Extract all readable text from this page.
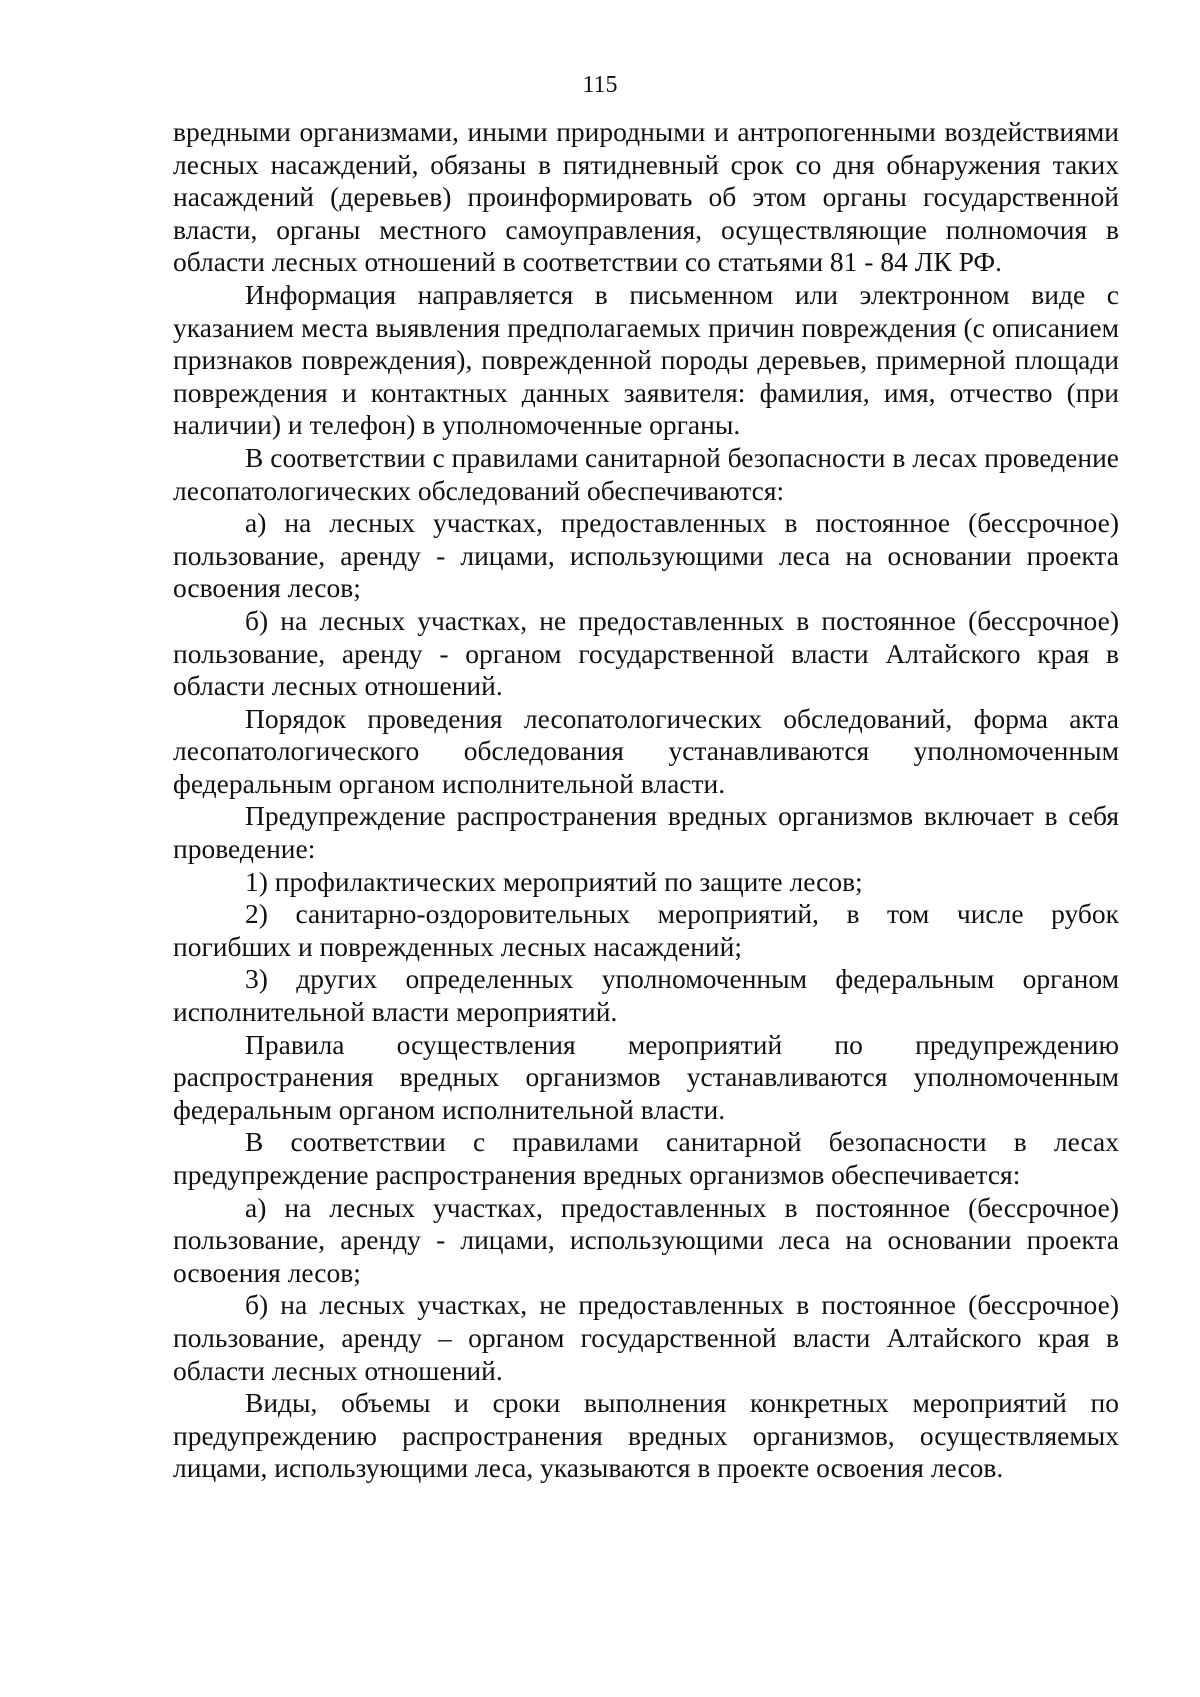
115

вредными организмами, иными природными и антропогенными воздействиями лесных насаждений, обязаны в пятидневный срок со дня обнаружения таких насаждений (деревьев) проинформировать об этом органы государственной власти, органы местного самоуправления, осуществляющие полномочия в области лесных отношений в соответствии со статьями 81 - 84 ЛК РФ.

Информация направляется в письменном или электронном виде с указанием места выявления предполагаемых причин повреждения (с описанием признаков повреждения), поврежденной породы деревьев, примерной площади повреждения и контактных данных заявителя: фамилия, имя, отчество (при наличии) и телефон) в уполномоченные органы.

В соответствии с правилами санитарной безопасности в лесах проведение лесопатологических обследований обеспечиваются:

а) на лесных участках, предоставленных в постоянное (бессрочное) пользование, аренду - лицами, использующими леса на основании проекта освоения лесов;

б) на лесных участках, не предоставленных в постоянное (бессрочное) пользование, аренду - органом государственной власти Алтайского края в области лесных отношений.

Порядок проведения лесопатологических обследований, форма акта лесопатологического обследования устанавливаются уполномоченным федеральным органом исполнительной власти.

Предупреждение распространения вредных организмов включает в себя проведение:

1) профилактических мероприятий по защите лесов;

2) санитарно-оздоровительных мероприятий, в том числе рубок погибших и поврежденных лесных насаждений;

3) других определенных уполномоченным федеральным органом исполнительной власти мероприятий.

Правила осуществления мероприятий по предупреждению распространения вредных организмов устанавливаются уполномоченным федеральным органом исполнительной власти.

В соответствии с правилами санитарной безопасности в лесах предупреждение распространения вредных организмов обеспечивается:

а) на лесных участках, предоставленных в постоянное (бессрочное) пользование, аренду - лицами, использующими леса на основании проекта освоения лесов;

б) на лесных участках, не предоставленных в постоянное (бессрочное) пользование, аренду – органом государственной власти Алтайского края в области лесных отношений.

Виды, объемы и сроки выполнения конкретных мероприятий по предупреждению распространения вредных организмов, осуществляемых лицами, использующими леса, указываются в проекте освоения лесов.
